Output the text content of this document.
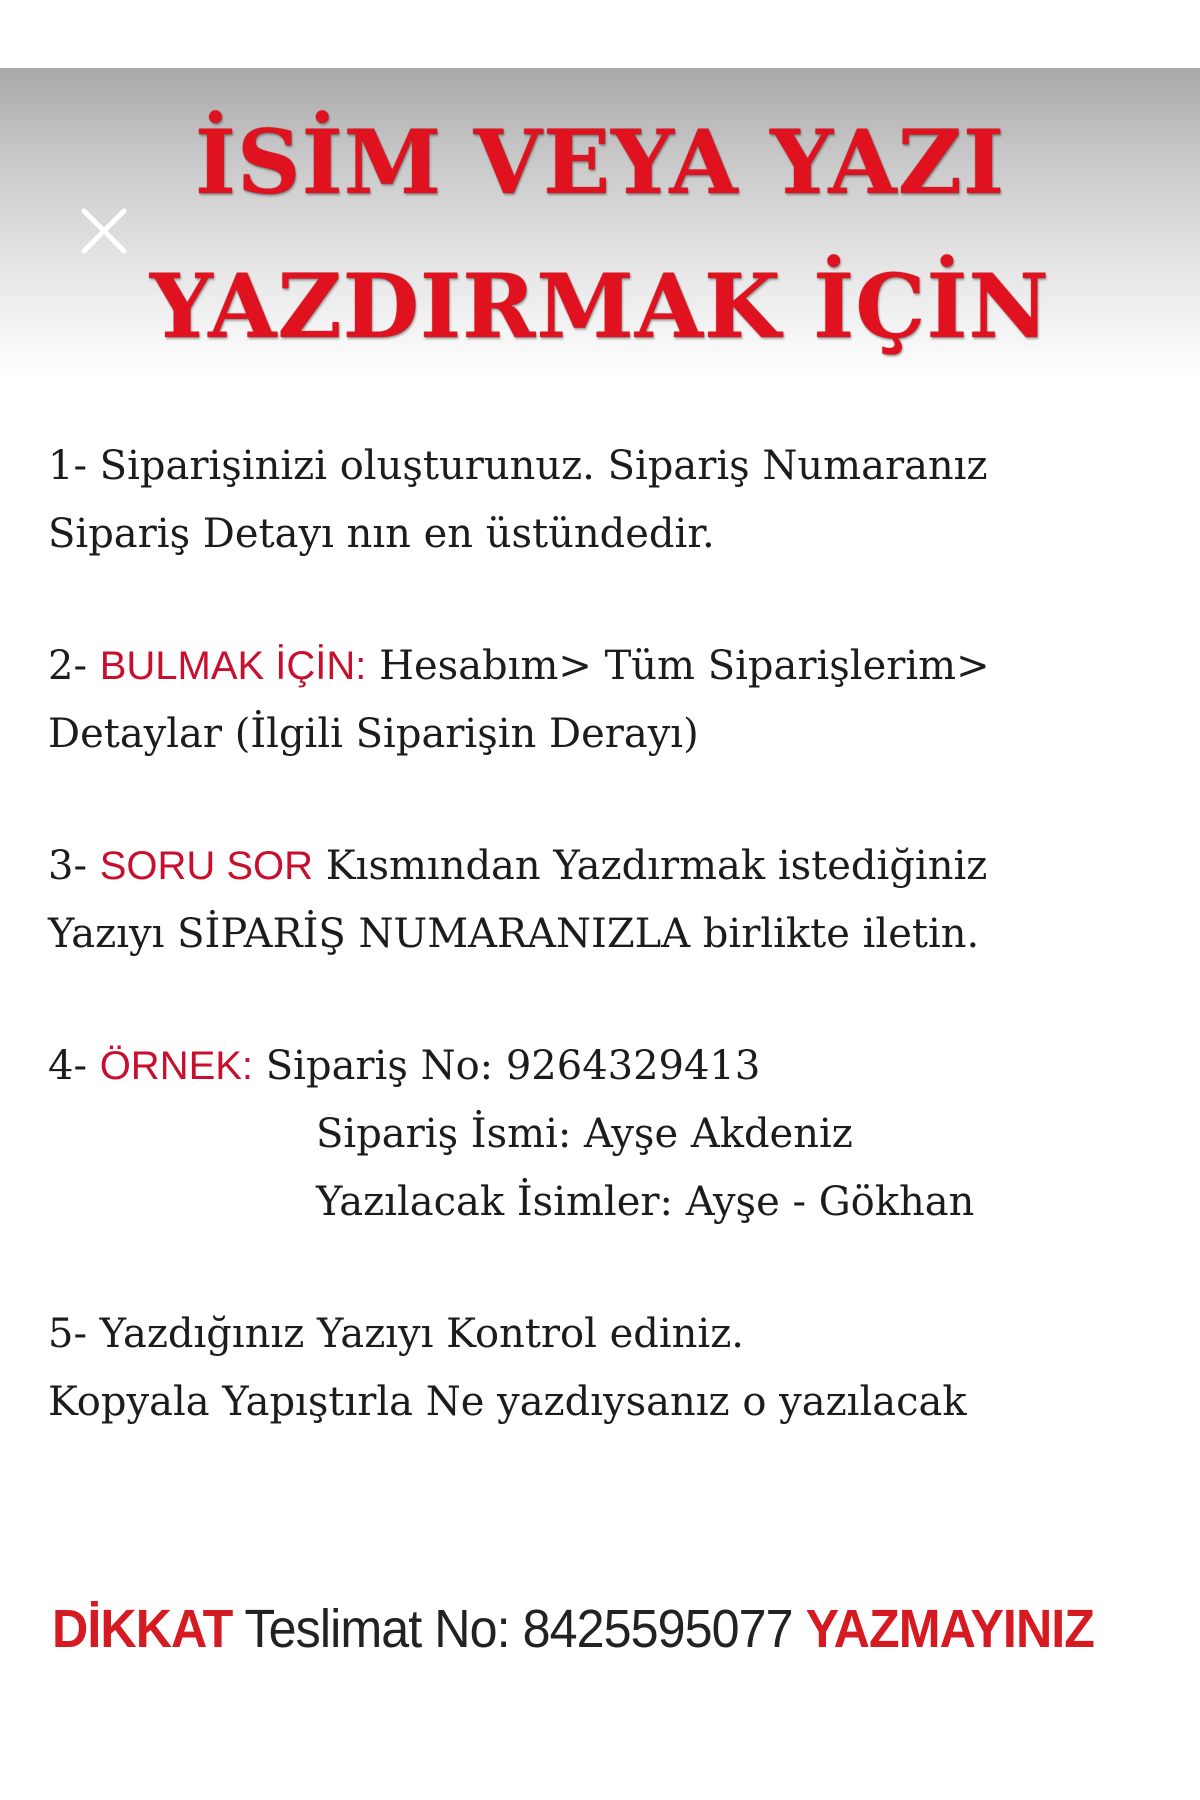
İSİM VEYA YAZI
YAZDIRMAK İÇİN
1- Siparişinizi oluşturunuz. Sipariş Numaranız
Sipariş Detayı nın en üstündedir.
2- BULMAK İÇİN: Hesabım> Tüm Siparişlerim>
Detaylar (İlgili Siparişin Derayı)
3- SORU SOR Kısmından Yazdırmak istediğiniz
Yazıyı SİPARİŞ NUMARANIZLA birlikte iletin.
4- ÖRNEK: Sipariş No: 9264329413
Sipariş İsmi: Ayşe Akdeniz
Yazılacak İsimler: Ayşe - Gökhan
5- Yazdığınız Yazıyı Kontrol ediniz.
Kopyala Yapıştırla Ne yazdıysanız o yazılacak
DİKKAT Teslimat No: 8425595077 YAZMAYINIZ
